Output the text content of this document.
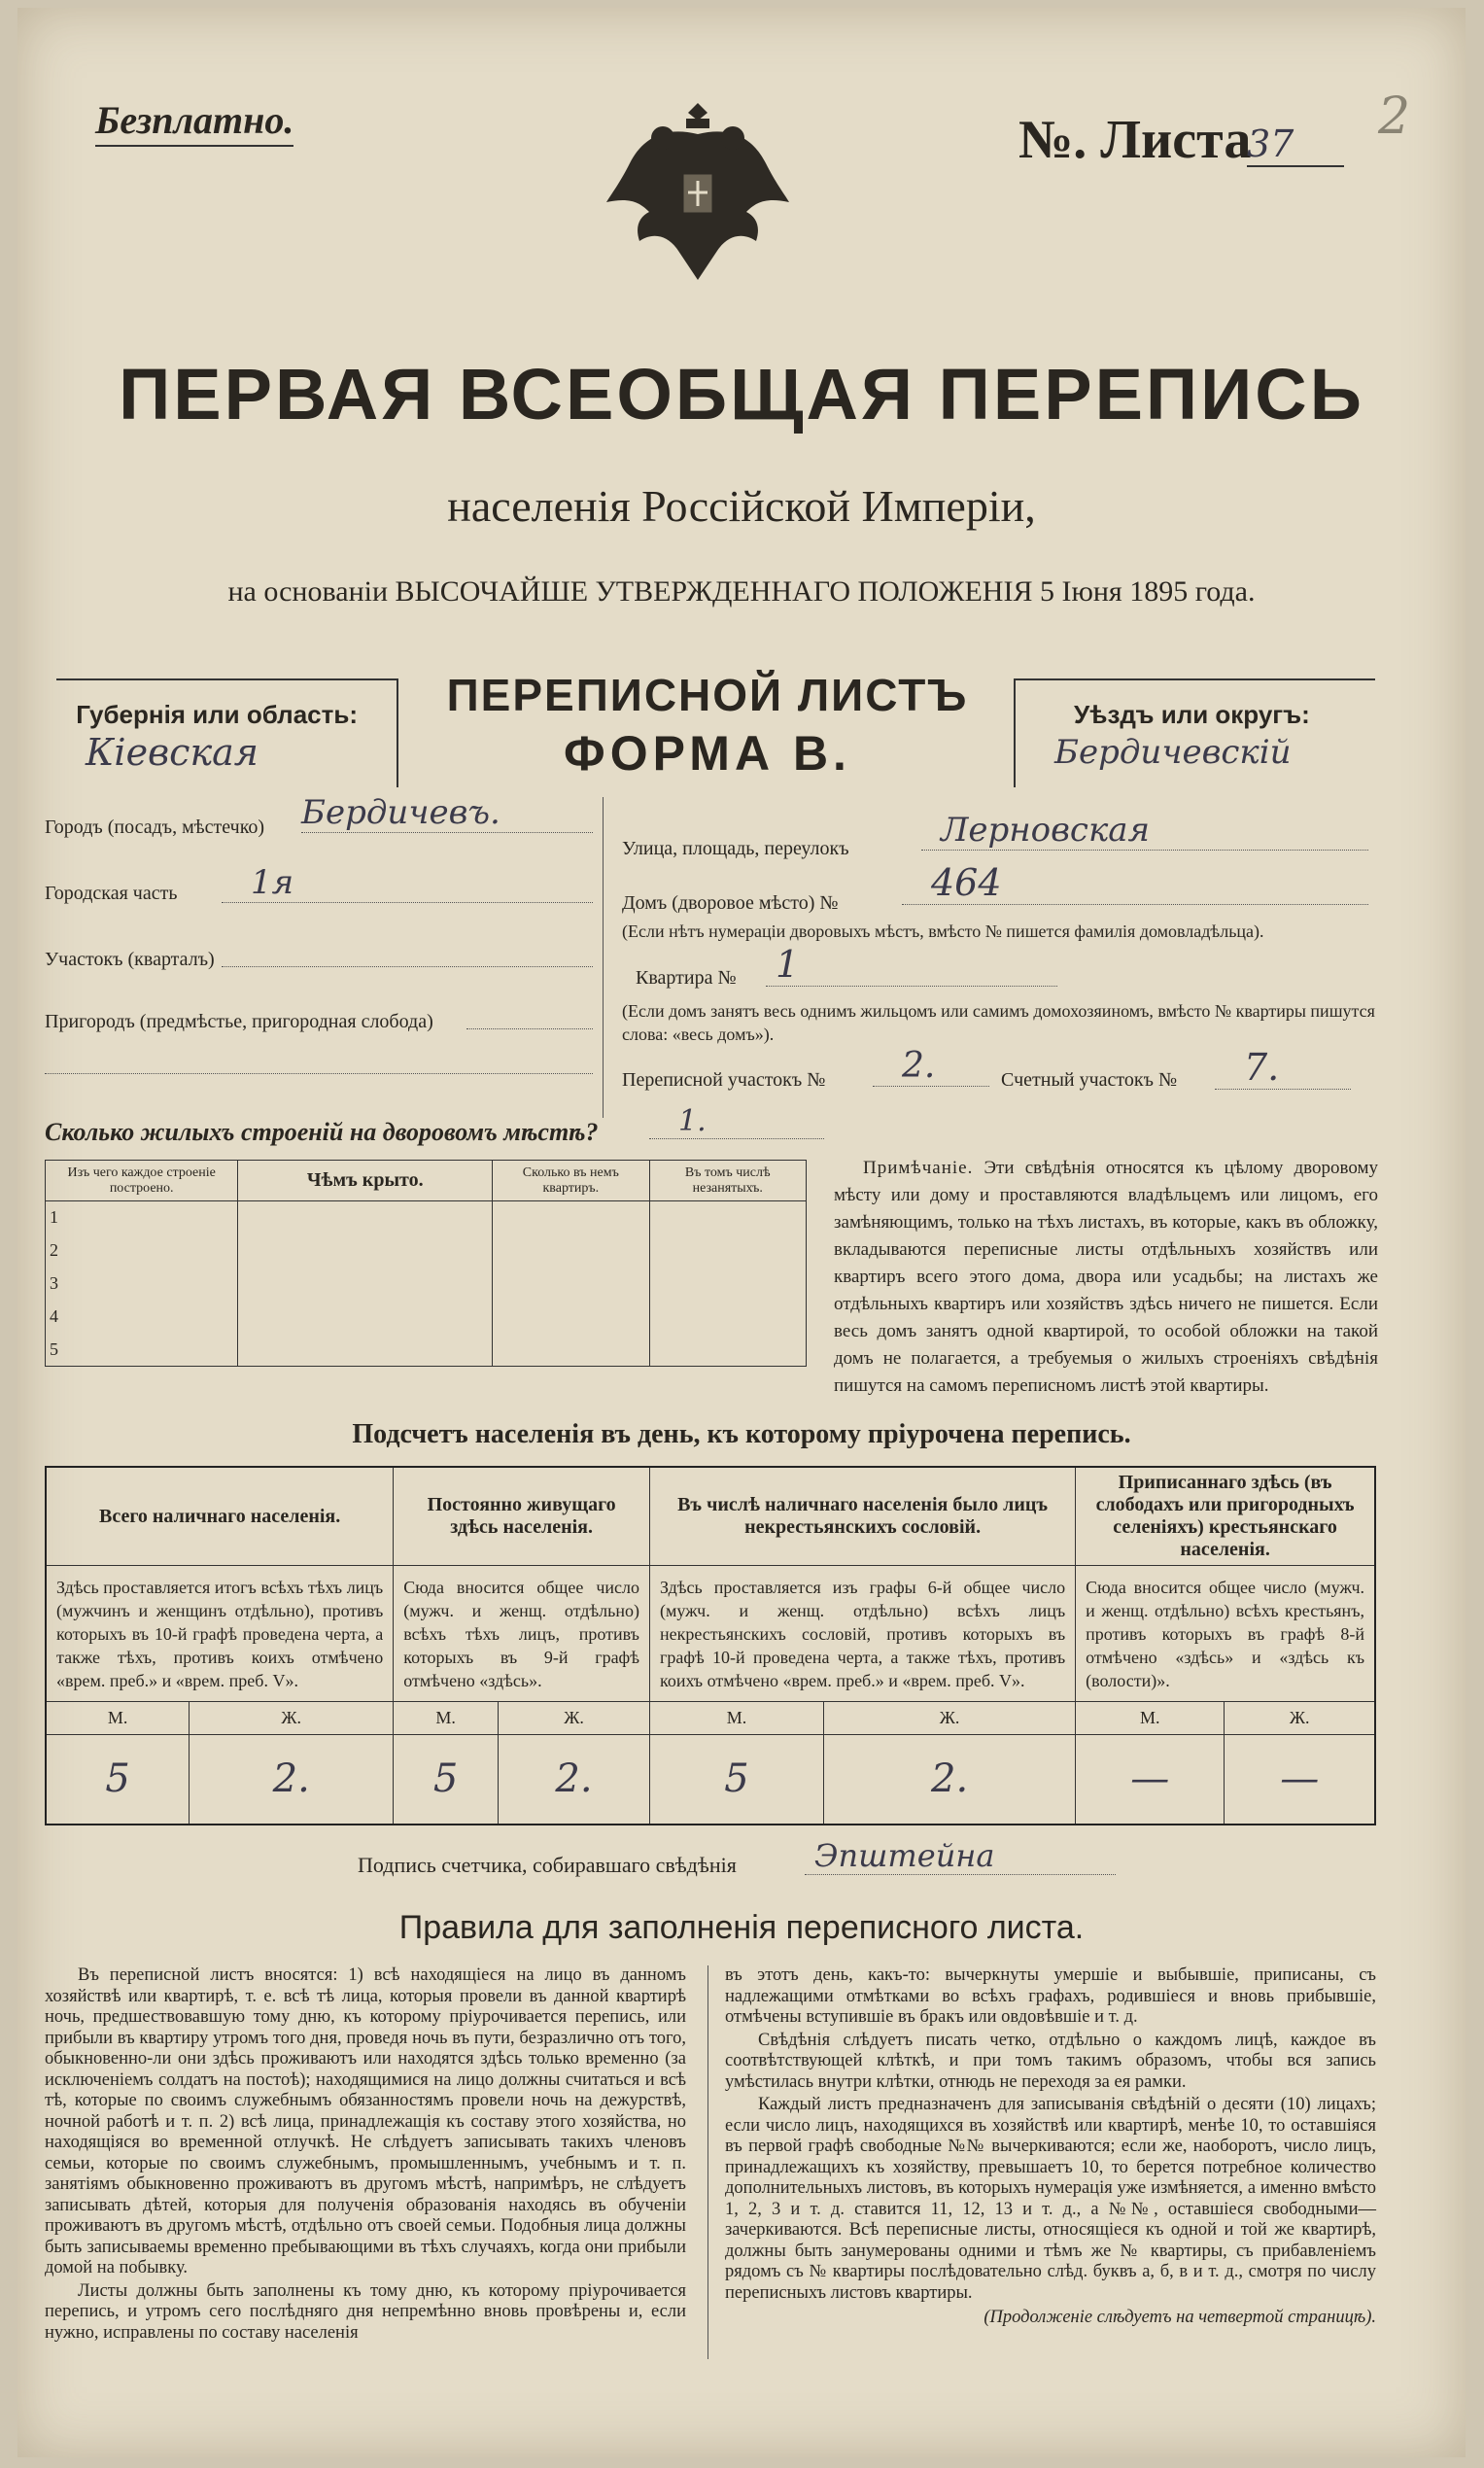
Безплатно.	№. Листа
37	2
ПЕРВАЯ ВСЕОБЩАЯ ПЕРЕПИСЬ
населенія Россійской Имперіи,
на основаніи ВЫСОЧАЙШЕ УТВЕРЖДЕННАГО ПОЛОЖЕНІЯ 5 Іюня 1895 года.
Губернія или область:
Кіевская
ПЕРЕПИСНОЙ ЛИСТЪ
ФОРМА В.
Уѣздъ или округъ:
Бердичевскій
Городъ (посадъ, мѣстечко) Бердичевъ.
Городская часть	1я
Участокъ (кварталъ)
Пригородъ (предмѣстье, пригородная слобода)
Улица, площадь, переулокъ	Лерновская
Домъ (дворовое мѣсто) №	464
(Если нѣтъ нумераціи дворовыхъ мѣстъ, вмѣсто № пишется фамилія домовладѣльца).
Квартира № 1
(Если домъ занятъ весь однимъ жильцомъ или самимъ домохозяиномъ, вмѣсто № квартиры пишутся слова: «весь домъ»).
Переписной участокъ №	2.	Счетный участокъ №	7.
Сколько жилыхъ строеній на дворовомъ мѣстѣ?	1.
Изъ чего каждое строеніе построено.	Чѣмъ крыто.	Сколько въ немъ квартиръ.	Въ томъ числѣ незанятыхъ.
1			
2			
3			
4			
5			
Примѣчаніе. Эти свѣдѣнія относятся къ цѣлому дворовому мѣсту или дому и проставляются владѣльцемъ или лицомъ, его замѣняющимъ, только на тѣхъ листахъ, въ которые, какъ въ обложку, вкладываются переписные листы отдѣльныхъ хозяйствъ или квартиръ всего этого дома, двора или усадьбы; на листахъ же отдѣльныхъ квартиръ или хозяйствъ здѣсь ничего не пишется. Если весь домъ занятъ одной квартирой, то особой обложки на такой домъ не полагается, а требуемыя о жилыхъ строеніяхъ свѣдѣнія пишутся на самомъ переписномъ листѣ этой квартиры.
Подсчетъ населенія въ день, къ которому пріурочена перепись.
Всего наличнаго населенія.		Постоянно живущаго здѣсь населенія.		Въ числѣ наличнаго населенія было лицъ некрестьянскихъ сословій.		Приписаннаго здѣсь (въ слободахъ или пригородныхъ селеніяхъ) крестьянскаго населенія.	
Здѣсь проставляется итогъ всѣхъ тѣхъ лицъ (мужчинъ и женщинъ отдѣльно), противъ которыхъ въ 10-й графѣ проведена черта, а также тѣхъ, противъ коихъ отмѣчено «врем. преб.» и «врем. преб. V».		Сюда вносится общее число (мужч. и женщ. отдѣльно) всѣхъ тѣхъ лицъ, противъ которыхъ въ 9-й графѣ отмѣчено «здѣсь».		Здѣсь проставляется изъ графы 6-й общее число (мужч. и женщ. отдѣльно) всѣхъ лицъ некрестьянскихъ сословій, противъ которыхъ въ графѣ 10-й проведена черта, а также тѣхъ, противъ коихъ отмѣчено «врем. преб.» и «врем. преб. V».		Сюда вносится общее число (мужч. и женщ. отдѣльно) всѣхъ крестьянъ, противъ которыхъ въ графѣ 8-й отмѣчено «здѣсь» и «здѣсь къ (волости)».	
М.	Ж.	М.	Ж.	М.	Ж.	М.	Ж.
5	2.	5	2.	5	2.	—	—
Подпись счетчика, собиравшаго свѣдѣнія	Эпштейна
Правила для заполненія переписного листа.

Въ переписной листъ вносятся: 1) всѣ находящіеся на лицо въ данномъ хозяйствѣ или квартирѣ, т. е. всѣ тѣ лица, которыя провели въ данной квартирѣ ночь, предшествовавшую тому дню, къ которому пріурочивается перепись, или прибыли въ квартиру утромъ того дня, проведя ночь въ пути, безразлично отъ того, обыкновенно-ли они здѣсь проживаютъ или находятся здѣсь только временно (за исключеніемъ солдатъ на постоѣ); находящимися на лицо должны считаться и всѣ тѣ, которые по своимъ служебнымъ обязанностямъ провели ночь на дежурствѣ, ночной работѣ и т. п. 2) всѣ лица, принадлежащія къ составу этого хозяйства, но находящіяся во временной отлучкѣ. Не слѣдуетъ записывать такихъ членовъ семьи, которые по своимъ служебнымъ, промышленнымъ, учебнымъ и т. п. занятіямъ обыкновенно проживаютъ въ другомъ мѣстѣ, напримѣръ, не слѣдуетъ записывать дѣтей, которыя для полученія образованія находясь въ обученіи проживаютъ въ другомъ мѣстѣ, отдѣльно отъ своей семьи. Подобныя лица должны быть записываемы временно пребывающими въ тѣхъ случаяхъ, когда они прибыли домой на побывку.

Листы должны быть заполнены къ тому дню, къ которому пріурочивается перепись, и утромъ сего послѣдняго дня непремѣнно вновь провѣрены и, если нужно, исправлены по составу населенія

въ этотъ день, какъ-то: вычеркнуты умершіе и выбывшіе, приписаны, съ надлежащими отмѣтками во всѣхъ графахъ, родившіеся и вновь прибывшіе, отмѣчены вступившіе въ бракъ или овдовѣвшіе и т. д.

Свѣдѣнія слѣдуетъ писать четко, отдѣльно о каждомъ лицѣ, каждое въ соотвѣтствующей клѣткѣ, и при томъ такимъ образомъ, чтобы вся запись умѣстилась внутри клѣтки, отнюдь не переходя за ея рамки.

Каждый листъ предназначенъ для записыванія свѣдѣній о десяти (10) лицахъ; если число лицъ, находящихся въ хозяйствѣ или квартирѣ, менѣе 10, то оставшіяся въ первой графѣ свободные №№ вычеркиваются; если же, наоборотъ, число лицъ, принадлежащихъ къ хозяйству, превышаетъ 10, то берется потребное количество дополнительныхъ листовъ, въ которыхъ нумерація уже измѣняется, а именно вмѣсто 1, 2, 3 и т. д. ставится 11, 12, 13 и т. д., а №№, оставшіеся свободными—зачеркиваются. Всѣ переписные листы, относящіеся къ одной и той же квартирѣ, должны быть занумерованы одними и тѣмъ же № квартиры, съ прибавленіемъ рядомъ съ № квартиры послѣдовательно слѣд. буквъ а, б, в и т. д., смотря по числу переписныхъ листовъ квартиры.

(Продолженіе слѣдуетъ на четвертой страницѣ).
